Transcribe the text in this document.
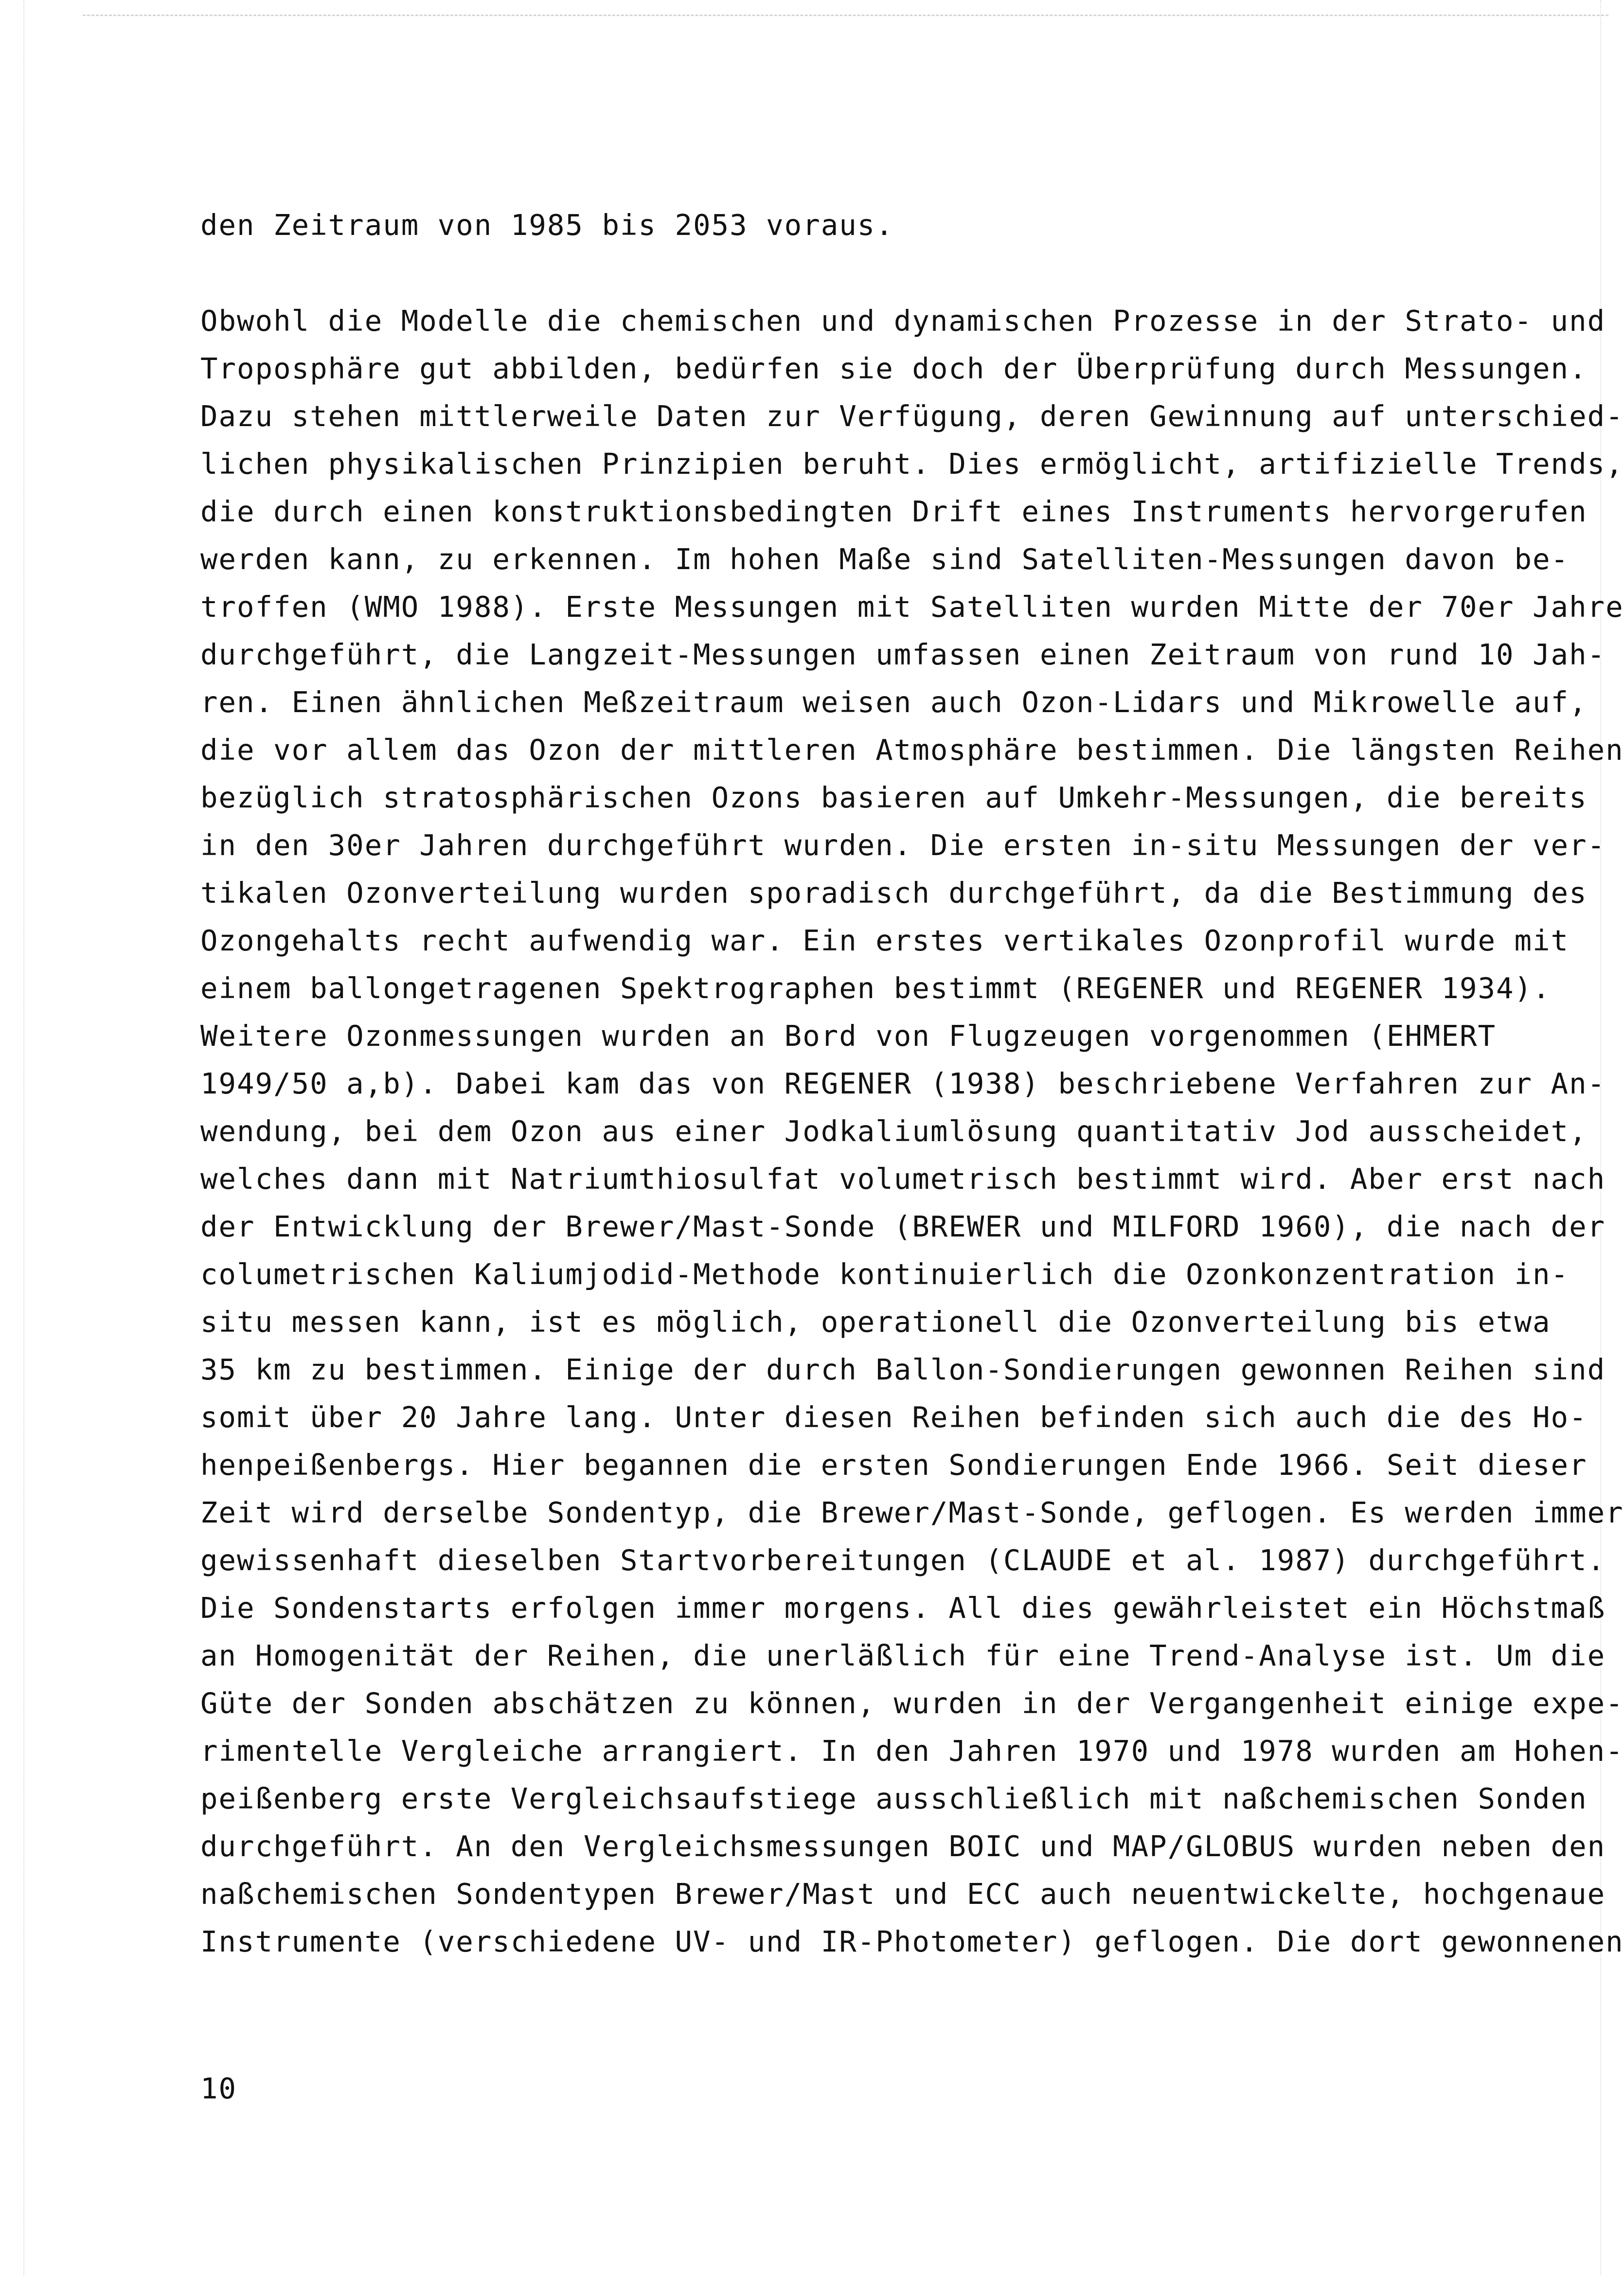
den Zeitraum von 1985 bis 2053 voraus.

Obwohl die Modelle die chemischen und dynamischen Prozesse in der Strato- und

Troposphäre gut abbilden, bedürfen sie doch der Überprüfung durch Messungen.

Dazu stehen mittlerweile Daten zur Verfügung, deren Gewinnung auf unterschied-

lichen physikalischen Prinzipien beruht. Dies ermöglicht, artifizielle Trends,

die durch einen konstruktionsbedingten Drift eines Instruments hervorgerufen

werden kann, zu erkennen. Im hohen Maße sind Satelliten-Messungen davon be-

troffen (WMO 1988). Erste Messungen mit Satelliten wurden Mitte der 70er Jahre

durchgeführt, die Langzeit-Messungen umfassen einen Zeitraum von rund 10 Jah-

ren. Einen ähnlichen Meßzeitraum weisen auch Ozon-Lidars und Mikrowelle auf,

die vor allem das Ozon der mittleren Atmosphäre bestimmen. Die längsten Reihen

bezüglich stratosphärischen Ozons basieren auf Umkehr-Messungen, die bereits

in den 30er Jahren durchgeführt wurden. Die ersten in-situ Messungen der ver-

tikalen Ozonverteilung wurden sporadisch durchgeführt, da die Bestimmung des

Ozongehalts recht aufwendig war. Ein erstes vertikales Ozonprofil wurde mit

einem ballongetragenen Spektrographen bestimmt (REGENER und REGENER 1934).

Weitere Ozonmessungen wurden an Bord von Flugzeugen vorgenommen (EHMERT

1949/50 a,b). Dabei kam das von REGENER (1938) beschriebene Verfahren zur An-

wendung, bei dem Ozon aus einer Jodkaliumlösung quantitativ Jod ausscheidet,

welches dann mit Natriumthiosulfat volumetrisch bestimmt wird. Aber erst nach

der Entwicklung der Brewer/Mast-Sonde (BREWER und MILFORD 1960), die nach der

columetrischen Kaliumjodid-Methode kontinuierlich die Ozonkonzentration in-

situ messen kann, ist es möglich, operationell die Ozonverteilung bis etwa

35 km zu bestimmen. Einige der durch Ballon-Sondierungen gewonnen Reihen sind

somit über 20 Jahre lang. Unter diesen Reihen befinden sich auch die des Ho-

henpeißenbergs. Hier begannen die ersten Sondierungen Ende 1966. Seit dieser

Zeit wird derselbe Sondentyp, die Brewer/Mast-Sonde, geflogen. Es werden immer

gewissenhaft dieselben Startvorbereitungen (CLAUDE et al. 1987) durchgeführt.

Die Sondenstarts erfolgen immer morgens. All dies gewährleistet ein Höchstmaß

an Homogenität der Reihen, die unerläßlich für eine Trend-Analyse ist. Um die

Güte der Sonden abschätzen zu können, wurden in der Vergangenheit einige expe-

rimentelle Vergleiche arrangiert. In den Jahren 1970 und 1978 wurden am Hohen-

peißenberg erste Vergleichsaufstiege ausschließlich mit naßchemischen Sonden

durchgeführt. An den Vergleichsmessungen BOIC und MAP/GLOBUS wurden neben den

naßchemischen Sondentypen Brewer/Mast und ECC auch neuentwickelte, hochgenaue

Instrumente (verschiedene UV- und IR-Photometer) geflogen. Die dort gewonnenen

10
